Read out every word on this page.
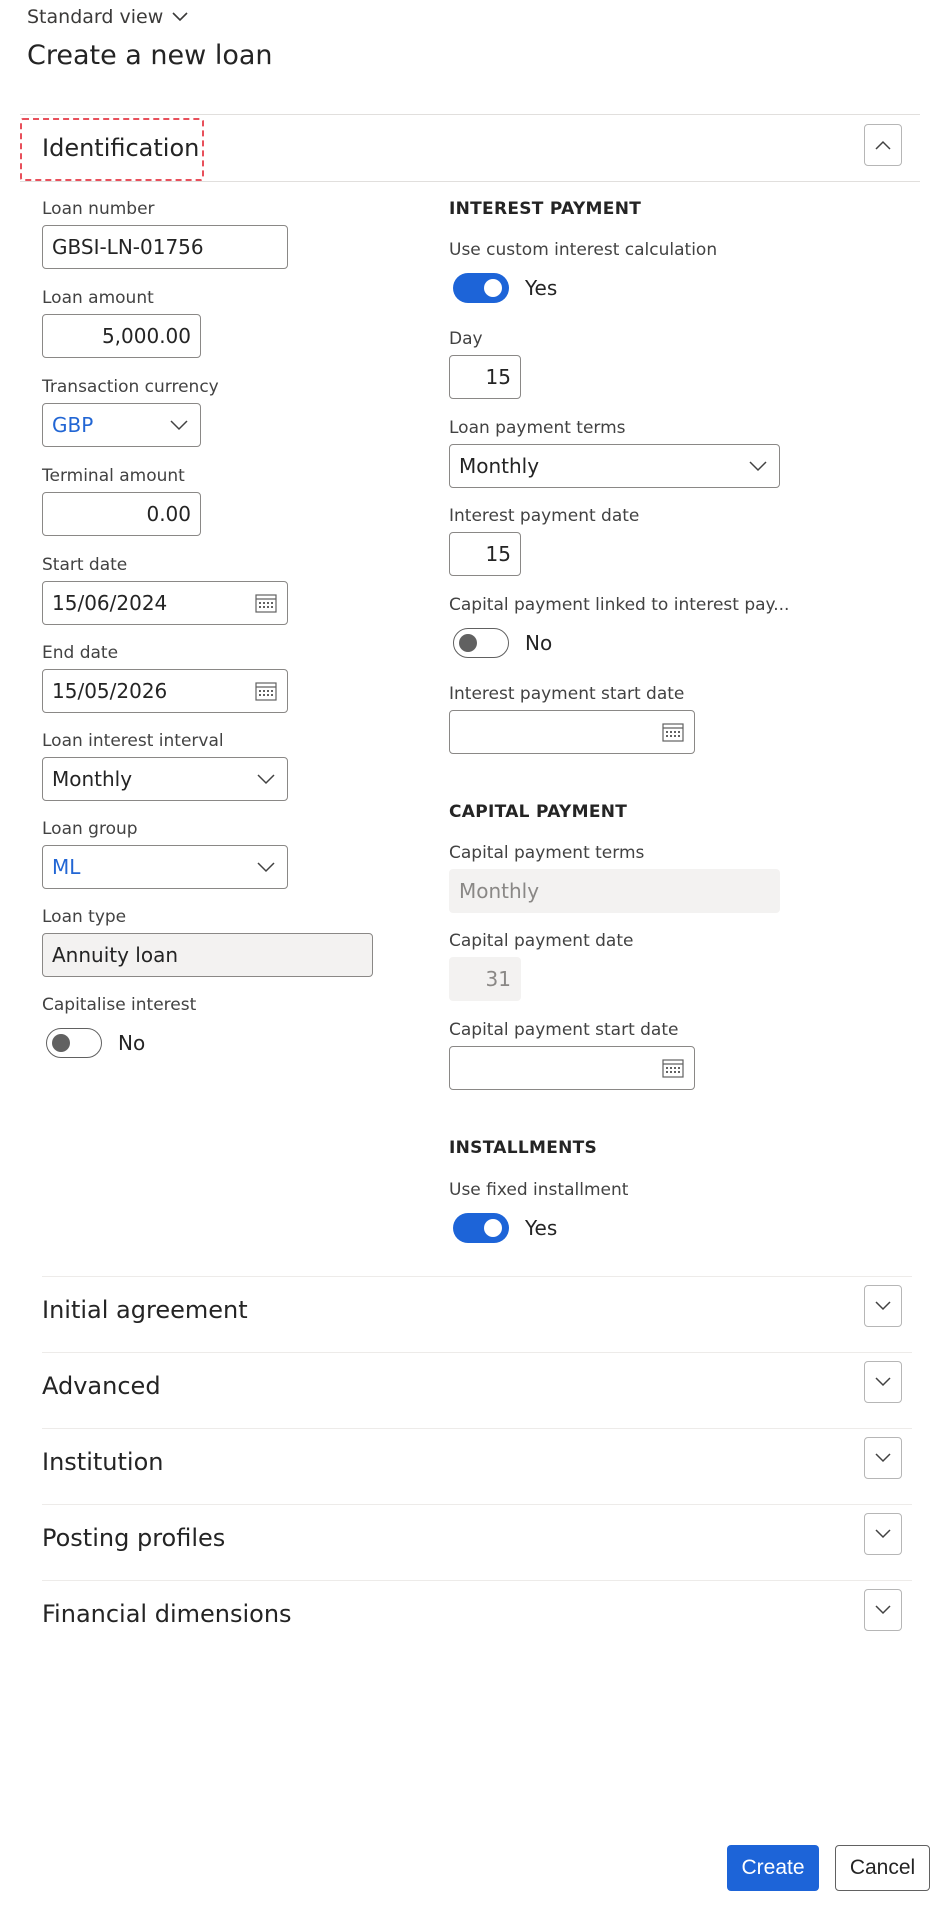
Standard view
Create a new loan
Identification
Loan number
GBSI-LN-01756
Loan amount
5,000.00
Transaction currency
GBP
Terminal amount
0.00
Start date
15/06/2024
End date
15/05/2026
Loan interest interval
Monthly
Loan group
ML
Loan type
Annuity loan
Capitalise interest
No
INTEREST PAYMENT
Use custom interest calculation
Yes
Day
15
Loan payment terms
Monthly
Interest payment date
15
Capital payment linked to interest pay...
No
Interest payment start date
CAPITAL PAYMENT
Capital payment terms
Monthly
Capital payment date
31
Capital payment start date
INSTALLMENTS
Use fixed installment
Yes
Initial agreement
Advanced
Institution
Posting profiles
Financial dimensions
Create	Cancel
